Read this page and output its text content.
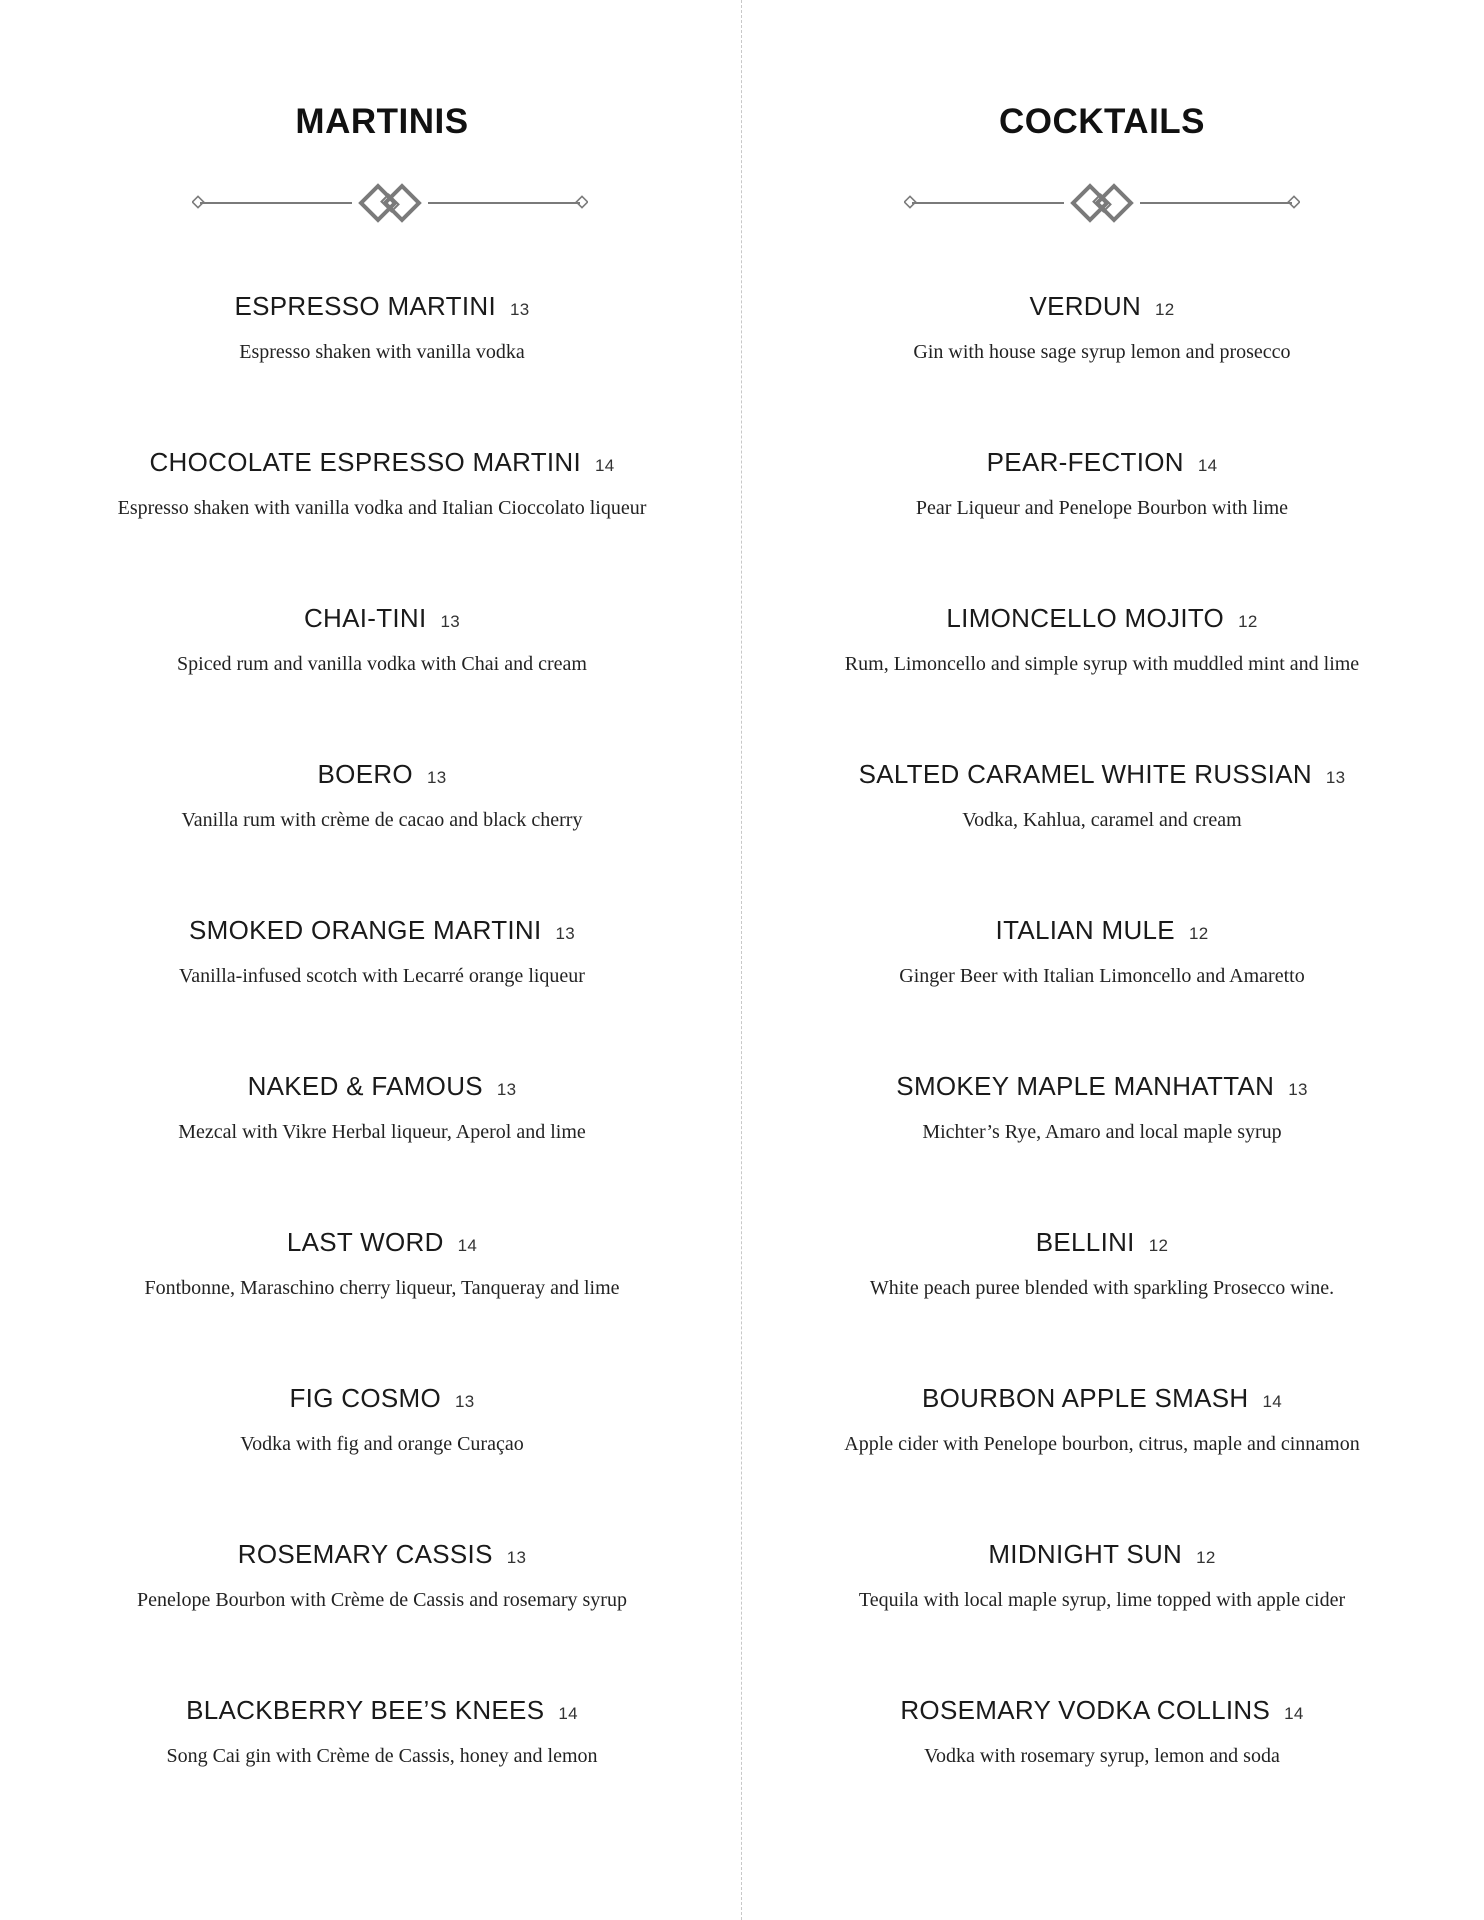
MARTINIS
ESPRESSO MARTINI 13
Espresso shaken with vanilla vodka
CHOCOLATE ESPRESSO MARTINI 14
Espresso shaken with vanilla vodka and Italian Cioccolato liqueur
CHAI-TINI 13
Spiced rum and vanilla vodka with Chai and cream
BOERO 13
Vanilla rum with crème de cacao and black cherry
SMOKED ORANGE MARTINI 13
Vanilla-infused scotch with Lecarré orange liqueur
NAKED & FAMOUS 13
Mezcal with Vikre Herbal liqueur, Aperol and lime
LAST WORD 14
Fontbonne, Maraschino cherry liqueur, Tanqueray and lime
FIG COSMO 13
Vodka with fig and orange Curaçao
ROSEMARY CASSIS 13
Penelope Bourbon with Crème de Cassis and rosemary syrup
BLACKBERRY BEE’S KNEES 14
Song Cai gin with Crème de Cassis, honey and lemon
COCKTAILS
VERDUN 12
Gin with house sage syrup lemon and prosecco
PEAR-FECTION 14
Pear Liqueur and Penelope Bourbon with lime
LIMONCELLO MOJITO 12
Rum, Limoncello and simple syrup with muddled mint and lime
SALTED CARAMEL WHITE RUSSIAN 13
Vodka, Kahlua, caramel and cream
ITALIAN MULE 12
Ginger Beer with Italian Limoncello and Amaretto
SMOKEY MAPLE MANHATTAN 13
Michter’s Rye, Amaro and local maple syrup
BELLINI 12
White peach puree blended with sparkling Prosecco wine.
BOURBON APPLE SMASH 14
Apple cider with Penelope bourbon, citrus, maple and cinnamon
MIDNIGHT SUN 12
Tequila with local maple syrup, lime topped with apple cider
ROSEMARY VODKA COLLINS 14
Vodka with rosemary syrup, lemon and soda
